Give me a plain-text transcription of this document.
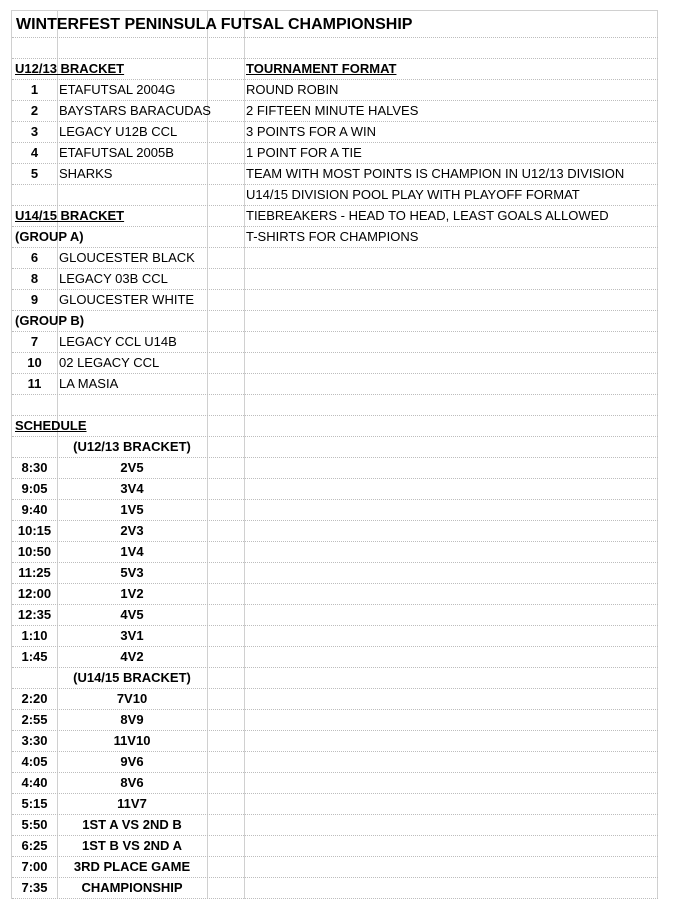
WINTERFEST PENINSULA FUTSAL CHAMPIONSHIP
U12/13 BRACKET	TOURNAMENT FORMAT
1	ETAFUTSAL 2004G	ROUND ROBIN
2	BAYSTARS BARACUDAS	2 FIFTEEN MINUTE HALVES
3	LEGACY U12B CCL	3 POINTS FOR A WIN
4	ETAFUTSAL 2005B	1 POINT FOR A TIE
5	SHARKS	TEAM WITH MOST POINTS IS CHAMPION IN U12/13 DIVISION
U14/15 DIVISION POOL PLAY WITH PLAYOFF FORMAT
U14/15 BRACKET	TIEBREAKERS - HEAD TO HEAD, LEAST GOALS ALLOWED
(GROUP A)	T-SHIRTS FOR CHAMPIONS
6	GLOUCESTER BLACK
8	LEGACY 03B CCL
9	GLOUCESTER WHITE
(GROUP B)
7	LEGACY CCL U14B
10	02 LEGACY CCL
11	LA MASIA
SCHEDULE
(U12/13 BRACKET)
8:30	2V5
9:05	3V4
9:40	1V5
10:15	2V3
10:50	1V4
11:25	5V3
12:00	1V2
12:35	4V5
1:10	3V1
1:45	4V2
(U14/15 BRACKET)
2:20	7V10
2:55	8V9
3:30	11V10
4:05	9V6
4:40	8V6
5:15	11V7
5:50	1ST A VS 2ND B
6:25	1ST B VS 2ND A
7:00	3RD PLACE GAME
7:35	CHAMPIONSHIP
